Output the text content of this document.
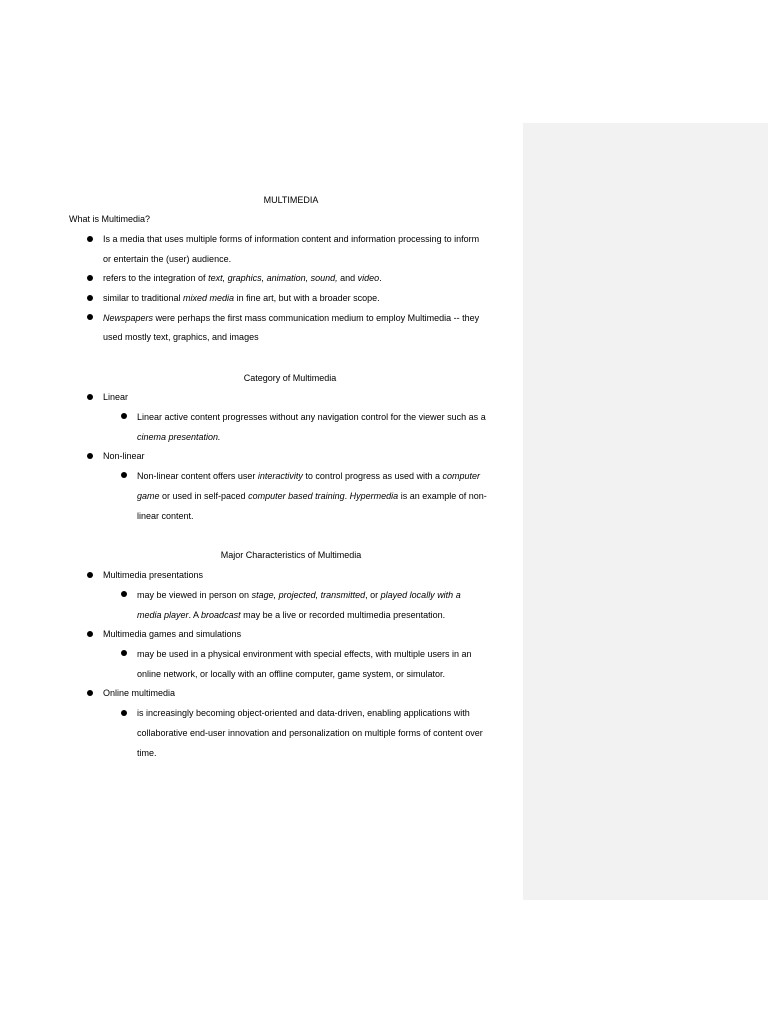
MULTIMEDIA
What is Multimedia?
Is a media that uses multiple forms of information content and information processing to inform
or entertain the (user) audience.
refers to the integration of text, graphics, animation, sound, and video.
similar to traditional mixed media in fine art, but with a broader scope.
Newspapers were perhaps the first mass communication medium to employ Multimedia -- they
used mostly text, graphics, and images
Category of Multimedia
Linear
Linear active content progresses without any navigation control for the viewer such as a
cinema presentation.
Non-linear
Non-linear content offers user interactivity to control progress as used with a computer
game or used in self-paced computer based training. Hypermedia is an example of non-
linear content.
Major Characteristics of Multimedia
Multimedia presentations
may be viewed in person on stage, projected, transmitted, or played locally with a
media player. A broadcast may be a live or recorded multimedia presentation.
Multimedia games and simulations
may be used in a physical environment with special effects, with multiple users in an
online network, or locally with an offline computer, game system, or simulator.
Online multimedia
is increasingly becoming object-oriented and data-driven, enabling applications with
collaborative end-user innovation and personalization on multiple forms of content over
time.
